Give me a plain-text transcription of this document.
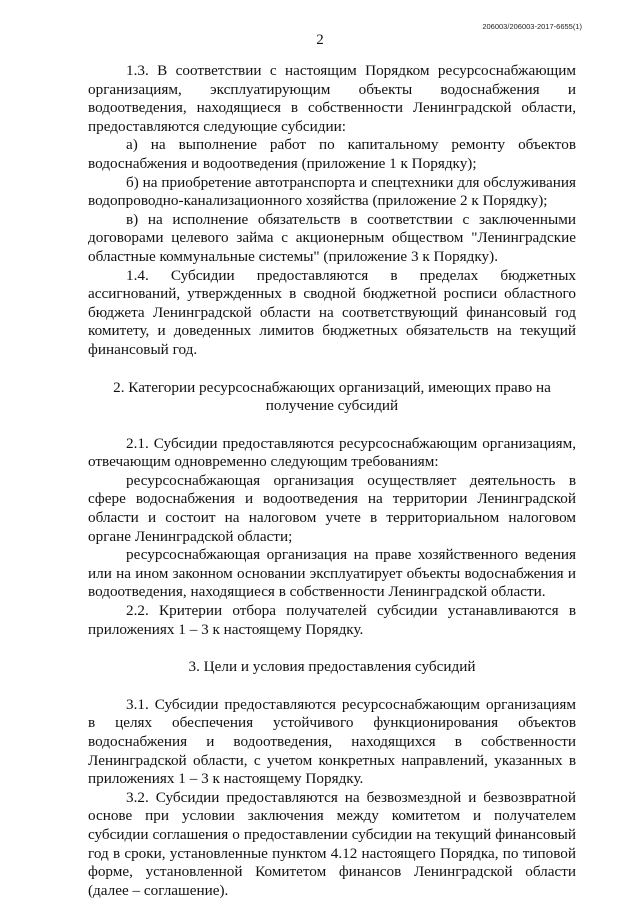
206003/206003-2017-6655(1)
2

1.3. В соответствии с настоящим Порядком ресурсоснабжающим организациям, эксплуатирующим объекты водоснабжения и водоотведения, находящиеся в собственности Ленинградской области, предоставляются следующие субсидии:

а) на выполнение работ по капитальному ремонту объектов водоснабжения и водоотведения (приложение 1 к Порядку);

б) на приобретение автотранспорта и спецтехники для обслуживания водопроводно-канализационного хозяйства (приложение 2 к Порядку);

в) на исполнение обязательств в соответствии с заключенными договорами целевого займа с акционерным обществом "Ленинградские областные коммунальные системы" (приложение 3 к Порядку).

1.4. Субсидии предоставляются в пределах бюджетных ассигнований, утвержденных в сводной бюджетной росписи областного бюджета Ленинградской области на соответствующий финансовый год комитету, и доведенных лимитов бюджетных обязательств на текущий финансовый год.

2. Категории ресурсоснабжающих организаций, имеющих право на получение субсидий

2.1. Субсидии предоставляются ресурсоснабжающим организациям, отвечающим одновременно следующим требованиям:

ресурсоснабжающая организация осуществляет деятельность в сфере водоснабжения и водоотведения на территории Ленинградской области и состоит на налоговом учете в территориальном налоговом органе Ленинградской области;

ресурсоснабжающая организация на праве хозяйственного ведения или на ином законном основании эксплуатирует объекты водоснабжения и водоотведения, находящиеся в собственности Ленинградской области.

2.2. Критерии отбора получателей субсидии устанавливаются в приложениях 1 – 3 к настоящему Порядку.

3. Цели и условия предоставления субсидий

3.1. Субсидии предоставляются ресурсоснабжающим организациям в целях обеспечения устойчивого функционирования объектов водоснабжения и водоотведения, находящихся в собственности Ленинградской области, с учетом конкретных направлений, указанных в приложениях 1 – 3 к настоящему Порядку.

3.2. Субсидии предоставляются на безвозмездной и безвозвратной основе при условии заключения между комитетом и получателем субсидии соглашения о предоставлении субсидии на текущий финансовый год в сроки, установленные пунктом 4.12 настоящего Порядка, по типовой форме, установленной Комитетом финансов Ленинградской области (далее – соглашение).
